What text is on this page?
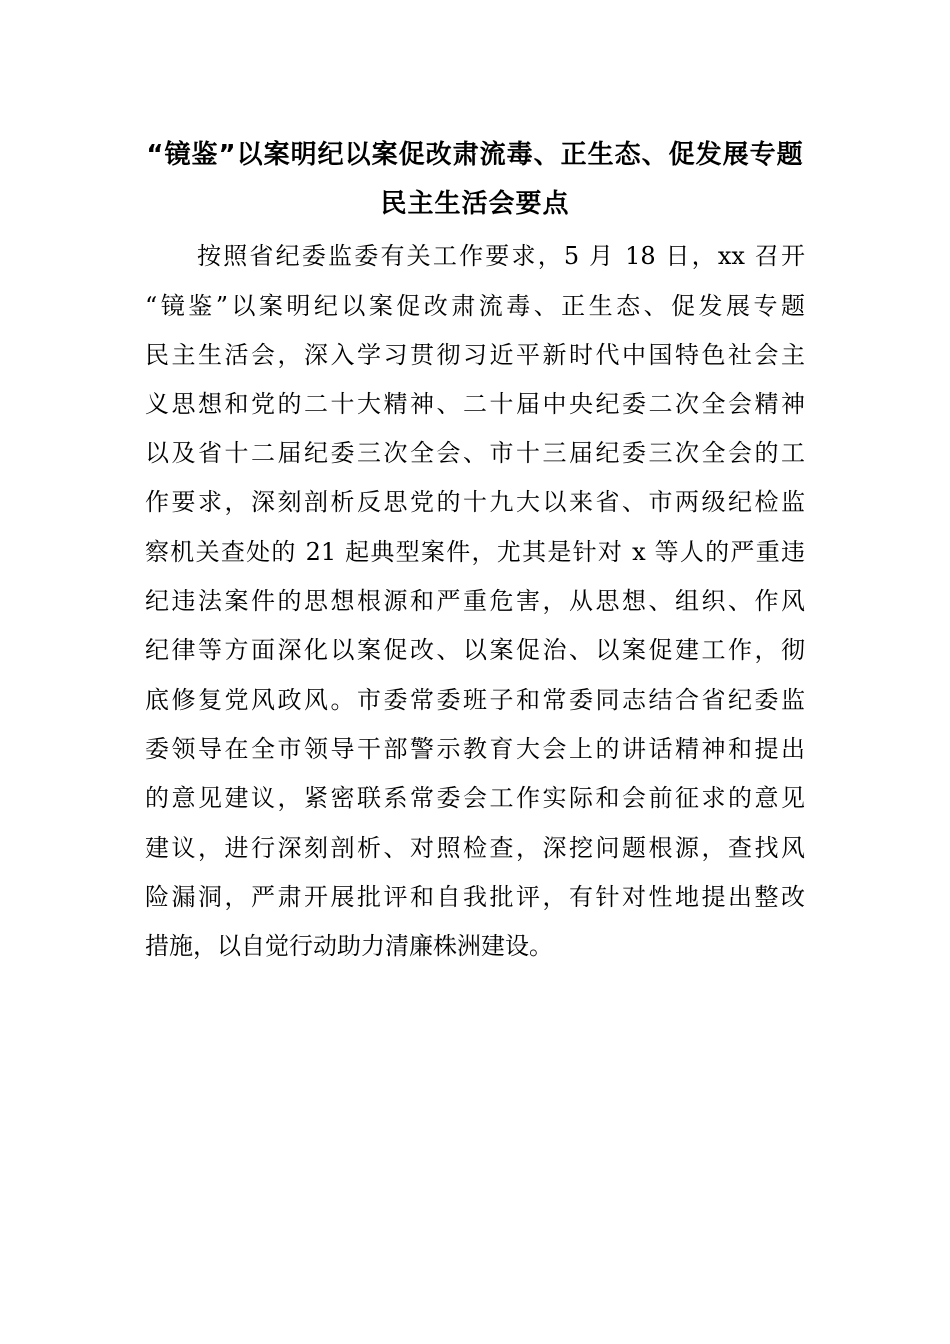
“镜鉴”以案明纪以案促改肃流毒、正生态、促发展专题
民主生活会要点
按照省纪委监委有关工作要求，5 月 18 日，xx 召开
“镜鉴”以案明纪以案促改肃流毒、正生态、促发展专题
民主生活会，深入学习贯彻习近平新时代中国特色社会主
义思想和党的二十大精神、二十届中央纪委二次全会精神
以及省十二届纪委三次全会、市十三届纪委三次全会的工
作要求，深刻剖析反思党的十九大以来省、市两级纪检监
察机关查处的 21 起典型案件，尤其是针对 x 等人的严重违
纪违法案件的思想根源和严重危害，从思想、组织、作风
纪律等方面深化以案促改、以案促治、以案促建工作，彻
底修复党风政风。市委常委班子和常委同志结合省纪委监
委领导在全市领导干部警示教育大会上的讲话精神和提出
的意见建议，紧密联系常委会工作实际和会前征求的意见
建议，进行深刻剖析、对照检查，深挖问题根源，查找风
险漏洞，严肃开展批评和自我批评，有针对性地提出整改
措施，以自觉行动助力清廉株洲建设。
